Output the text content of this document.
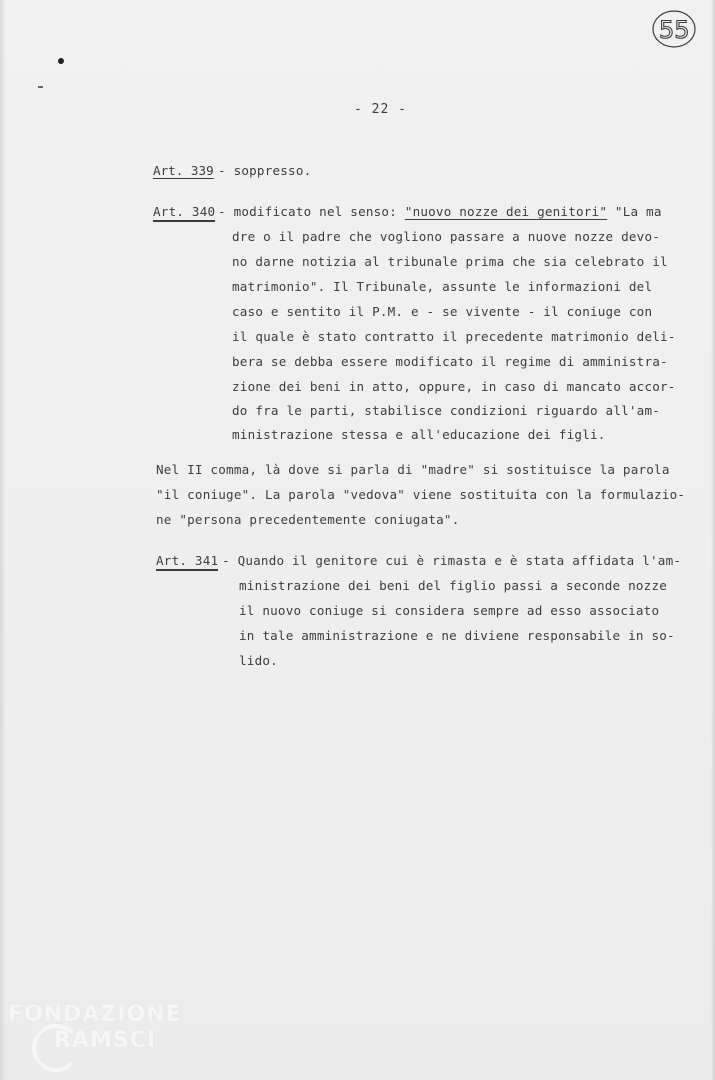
55
- 22 -
Art. 339 - soppresso.
Art. 340 - modificato nel senso: "nuovo nozze dei genitori" "La ma
dre o il padre che vogliono passare a nuove nozze devo-
no darne notizia al tribunale prima che sia celebrato il
matrimonio". Il Tribunale, assunte le informazioni del
caso e sentito il P.M. e - se vivente - il coniuge con
il quale è stato contratto il precedente matrimonio deli-
bera se debba essere modificato il regime di amministra-
zione dei beni in atto, oppure, in caso di mancato accor-
do fra le parti, stabilisce condizioni riguardo all'am-
ministrazione stessa e all'educazione dei figli.
Nel II comma, là dove si parla di "madre" si sostituisce la parola
"il coniuge". La parola "vedova" viene sostituita con la formulazio-
ne "persona precedentemente coniugata".
Art. 341 - Quando il genitore cui è rimasta e è stata affidata l'am-
ministrazione dei beni del figlio passi a seconde nozze
il nuovo coniuge si considera sempre ad esso associato
in tale amministrazione e ne diviene responsabile in so-
lido.
FONDAZIONE
RAMSCI
